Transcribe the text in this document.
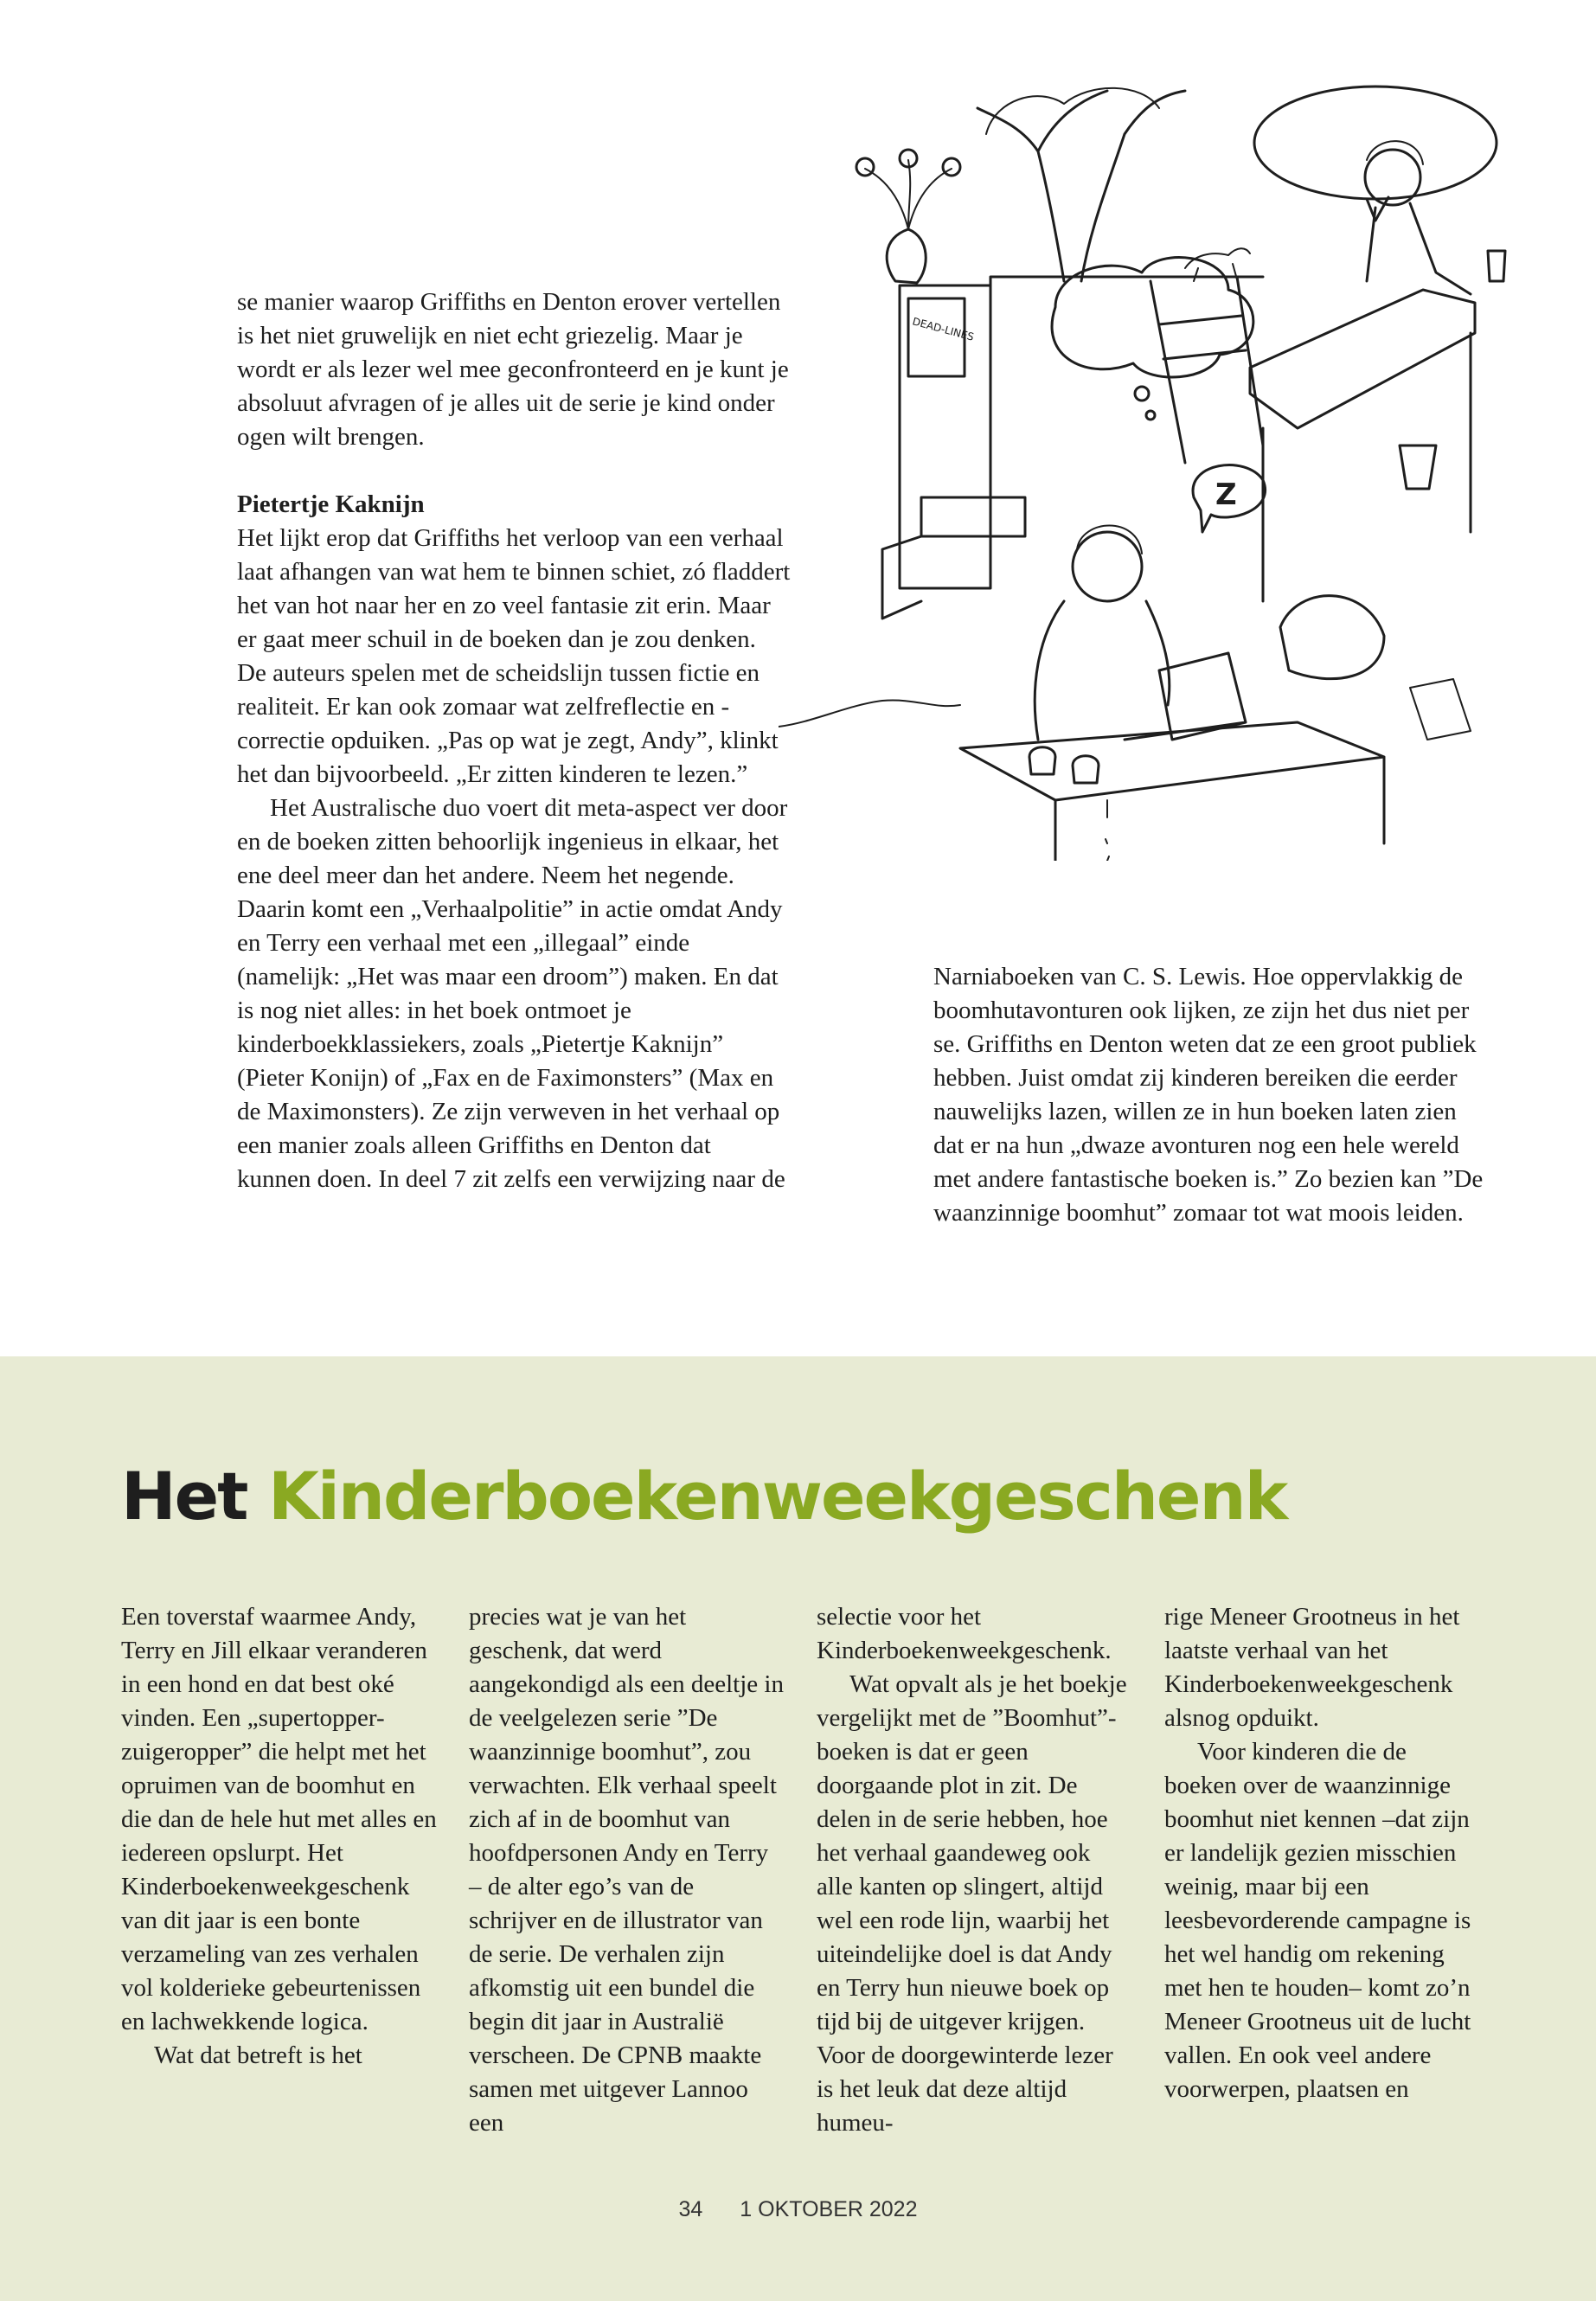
se manier waarop Griffiths en Denton erover vertellen is het niet gruwelijk en niet echt griezelig. Maar je wordt er als lezer wel mee geconfronteerd en je kunt je absoluut afvragen of je alles uit de serie je kind onder ogen wilt brengen.

Pietertje Kaknijn

Het lijkt erop dat Griffiths het verloop van een verhaal laat afhangen van wat hem te binnen schiet, zó fladdert het van hot naar her en zo veel fantasie zit erin. Maar er gaat meer schuil in de boeken dan je zou denken. De auteurs spelen met de scheidslijn tussen fictie en realiteit. Er kan ook zomaar wat zelfreflectie en -correctie opduiken. „Pas op wat je zegt, Andy”, klinkt het dan bijvoorbeeld. „Er zitten kinderen te lezen.”

Het Australische duo voert dit meta-aspect ver door en de boeken zitten behoorlijk ingenieus in elkaar, het ene deel meer dan het andere. Neem het negende. Daarin komt een „Verhaalpolitie” in actie omdat Andy en Terry een verhaal met een „illegaal” einde (namelijk: „Het was maar een droom”) maken. En dat is nog niet alles: in het boek ontmoet je kinderboekklassiekers, zoals „Pietertje Kaknijn” (Pieter Konijn) of „Fax en de Faximonsters” (Max en de Maximonsters). Ze zijn verweven in het verhaal op een manier zoals alleen Griffiths en Denton dat kunnen doen. In deel 7 zit zelfs een verwijzing naar de

DEAD-LINES
Z

Narniaboeken van C. S. Lewis. Hoe oppervlakkig de boomhutavonturen ook lijken, ze zijn het dus niet per se. Griffiths en Denton weten dat ze een groot publiek hebben. Juist omdat zij kinderen bereiken die eerder nauwelijks lazen, willen ze in hun boeken laten zien dat er na hun „dwaze avonturen nog een hele wereld met andere fantastische boeken is.” Zo bezien kan ”De waanzinnige boomhut” zomaar tot wat moois leiden.

Het Kinderboekenweekgeschenk

Een toverstaf waarmee Andy, Terry en Jill elkaar veranderen in een hond en dat best oké vinden. Een „supertopper-zuigeropper” die helpt met het opruimen van de boomhut en die dan de hele hut met alles en iedereen opslurpt. Het Kinderboekenweekgeschenk van dit jaar is een bonte verzameling van zes verhalen vol kolderieke gebeurtenissen en lachwekkende logica.

Wat dat betreft is het

precies wat je van het geschenk, dat werd aangekondigd als een deeltje in de veelgelezen serie ”De waanzinnige boomhut”, zou verwachten. Elk verhaal speelt zich af in de boomhut van hoofdpersonen Andy en Terry – de alter ego’s van de schrijver en de illustrator van de serie. De verhalen zijn afkomstig uit een bundel die begin dit jaar in Australië verscheen. De CPNB maakte samen met uitgever Lannoo een

selectie voor het Kinderboekenweekgeschenk.

Wat opvalt als je het boekje vergelijkt met de ”Boomhut”-boeken is dat er geen doorgaande plot in zit. De delen in de serie hebben, hoe het verhaal gaandeweg ook alle kanten op slingert, altijd wel een rode lijn, waarbij het uiteindelijke doel is dat Andy en Terry hun nieuwe boek op tijd bij de uitgever krijgen. Voor de doorgewinterde lezer is het leuk dat deze altijd humeu-

rige Meneer Grootneus in het laatste verhaal van het Kinderboekenweekgeschenk alsnog opduikt.

Voor kinderen die de boeken over de waanzinnige boomhut niet kennen –dat zijn er landelijk gezien misschien weinig, maar bij een leesbevorderende campagne is het wel handig om rekening met hen te houden– komt zo’n Meneer Grootneus uit de lucht vallen. En ook veel andere voorwerpen, plaatsen en

34 1 OKTOBER 2022
